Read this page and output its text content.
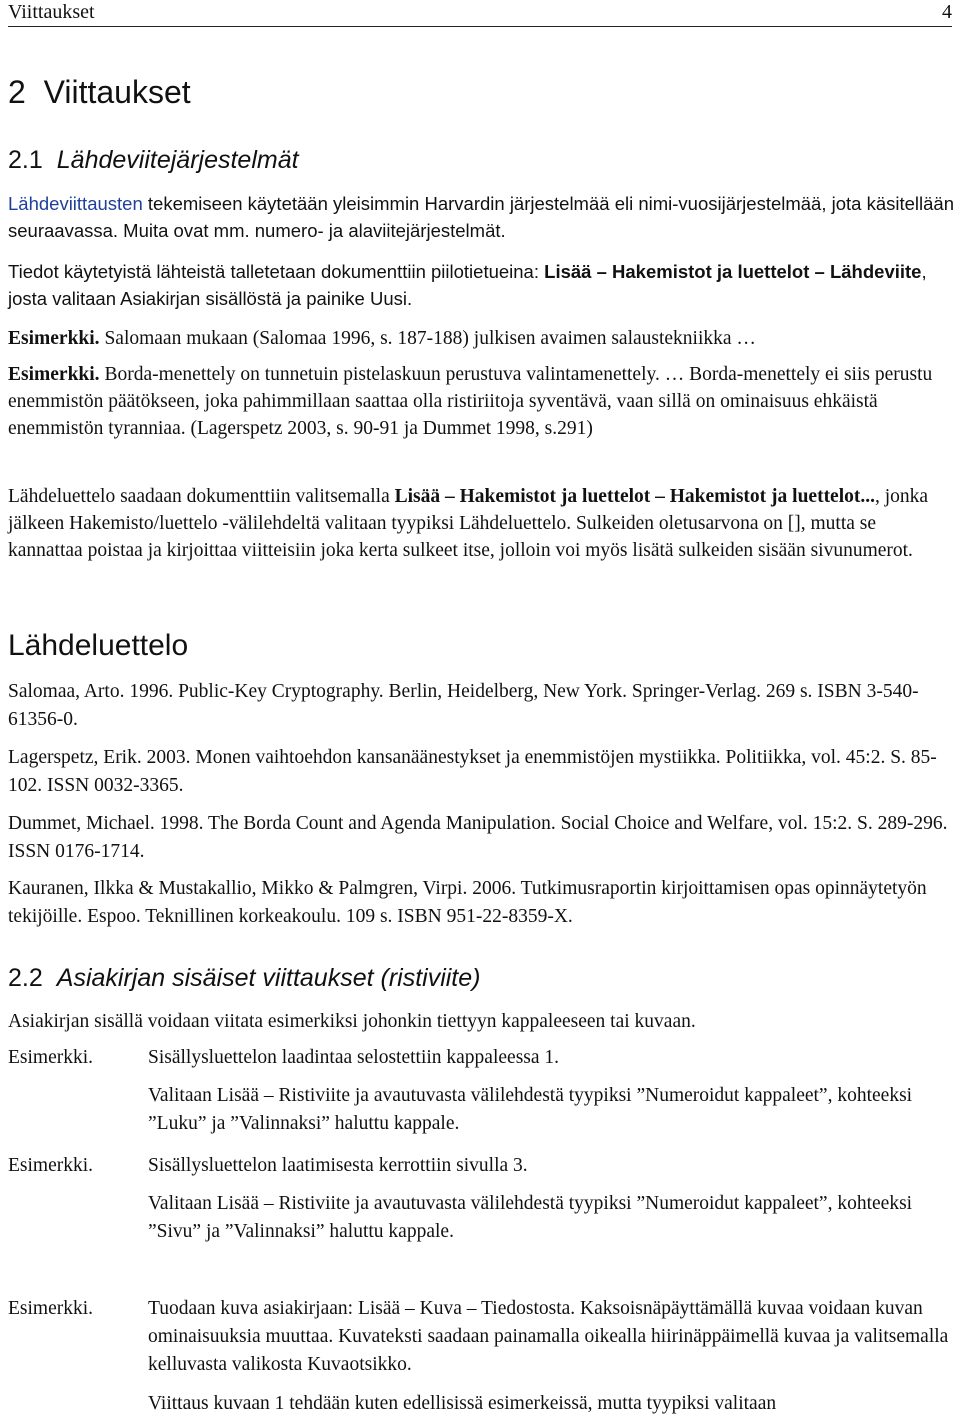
Viittaukset	4
2 Viittaukset
2.1 Lähdeviitejärjestelmät

Lähdeviittausten tekemiseen käytetään yleisimmin Harvardin järjestelmää eli nimi-vuosijärjestelmää, jota käsitellään seuraavassa. Muita ovat mm. numero- ja alaviitejärjestelmät.

Tiedot käytetyistä lähteistä talletetaan dokumenttiin piilotietueina: Lisää – Hakemistot ja luettelot – Lähdeviite, josta valitaan Asiakirjan sisällöstä ja painike Uusi.

Esimerkki. Salomaan mukaan (Salomaa 1996, s. 187-188) julkisen avaimen salaustekniikka …

Esimerkki. Borda-menettely on tunnetuin pistelaskuun perustuva valintamenettely. … Borda-menettely ei siis perustu enemmistön päätökseen, joka pahimmillaan saattaa olla ristiriitoja syventävä, vaan sillä on ominaisuus ehkäistä enemmistön tyranniaa. (Lagerspetz 2003, s. 90-91 ja Dummet 1998, s.291)

Lähdeluettelo saadaan dokumenttiin valitsemalla Lisää – Hakemistot ja luettelot – Hakemistot ja luettelot..., jonka jälkeen Hakemisto/luettelo -välilehdeltä valitaan tyypiksi Lähdeluettelo. Sulkeiden oletusarvona on [], mutta se kannattaa poistaa ja kirjoittaa viitteisiin joka kerta sulkeet itse, jolloin voi myös lisätä sulkeiden sisään sivunumerot.

Lähdeluettelo

Salomaa, Arto. 1996. Public-Key Cryptography. Berlin, Heidelberg, New York. Springer-Verlag. 269 s. ISBN 3-540-61356-0.

Lagerspetz, Erik. 2003. Monen vaihtoehdon kansanäänestykset ja enemmistöjen mystiikka. Politiikka, vol. 45:2. S. 85-102. ISSN 0032-3365.

Dummet, Michael. 1998. The Borda Count and Agenda Manipulation. Social Choice and Welfare, vol. 15:2. S. 289-296. ISSN 0176-1714.

Kauranen, Ilkka & Mustakallio, Mikko & Palmgren, Virpi. 2006. Tutkimusraportin kirjoittamisen opas opinnäytetyön tekijöille. Espoo. Teknillinen korkeakoulu. 109 s. ISBN 951-22-8359-X.

2.2 Asiakirjan sisäiset viittaukset (ristiviite)

Asiakirjan sisällä voidaan viitata esimerkiksi johonkin tiettyyn kappaleeseen tai kuvaan.

Esimerkki.	Sisällysluettelon laadintaa selostettiin kappaleessa 1.

Valitaan Lisää – Ristiviite ja avautuvasta välilehdestä tyypiksi ”Numeroidut kappaleet”, kohteeksi ”Luku” ja ”Valinnaksi” haluttu kappale.

Esimerkki.	Sisällysluettelon laatimisesta kerrottiin sivulla 3.

Valitaan Lisää – Ristiviite ja avautuvasta välilehdestä tyypiksi ”Numeroidut kappaleet”, kohteeksi ”Sivu” ja ”Valinnaksi” haluttu kappale.

Esimerkki.	Tuodaan kuva asiakirjaan: Lisää – Kuva – Tiedostosta. Kaksoisnäpäyttämällä kuvaa voidaan kuvan ominaisuuksia muuttaa. Kuvateksti saadaan painamalla oikealla hiirinäppäimellä kuvaa ja valitsemalla kelluvasta valikosta Kuvaotsikko.

Viittaus kuvaan 1 tehdään kuten edellisissä esimerkeissä, mutta tyypiksi valitaan
